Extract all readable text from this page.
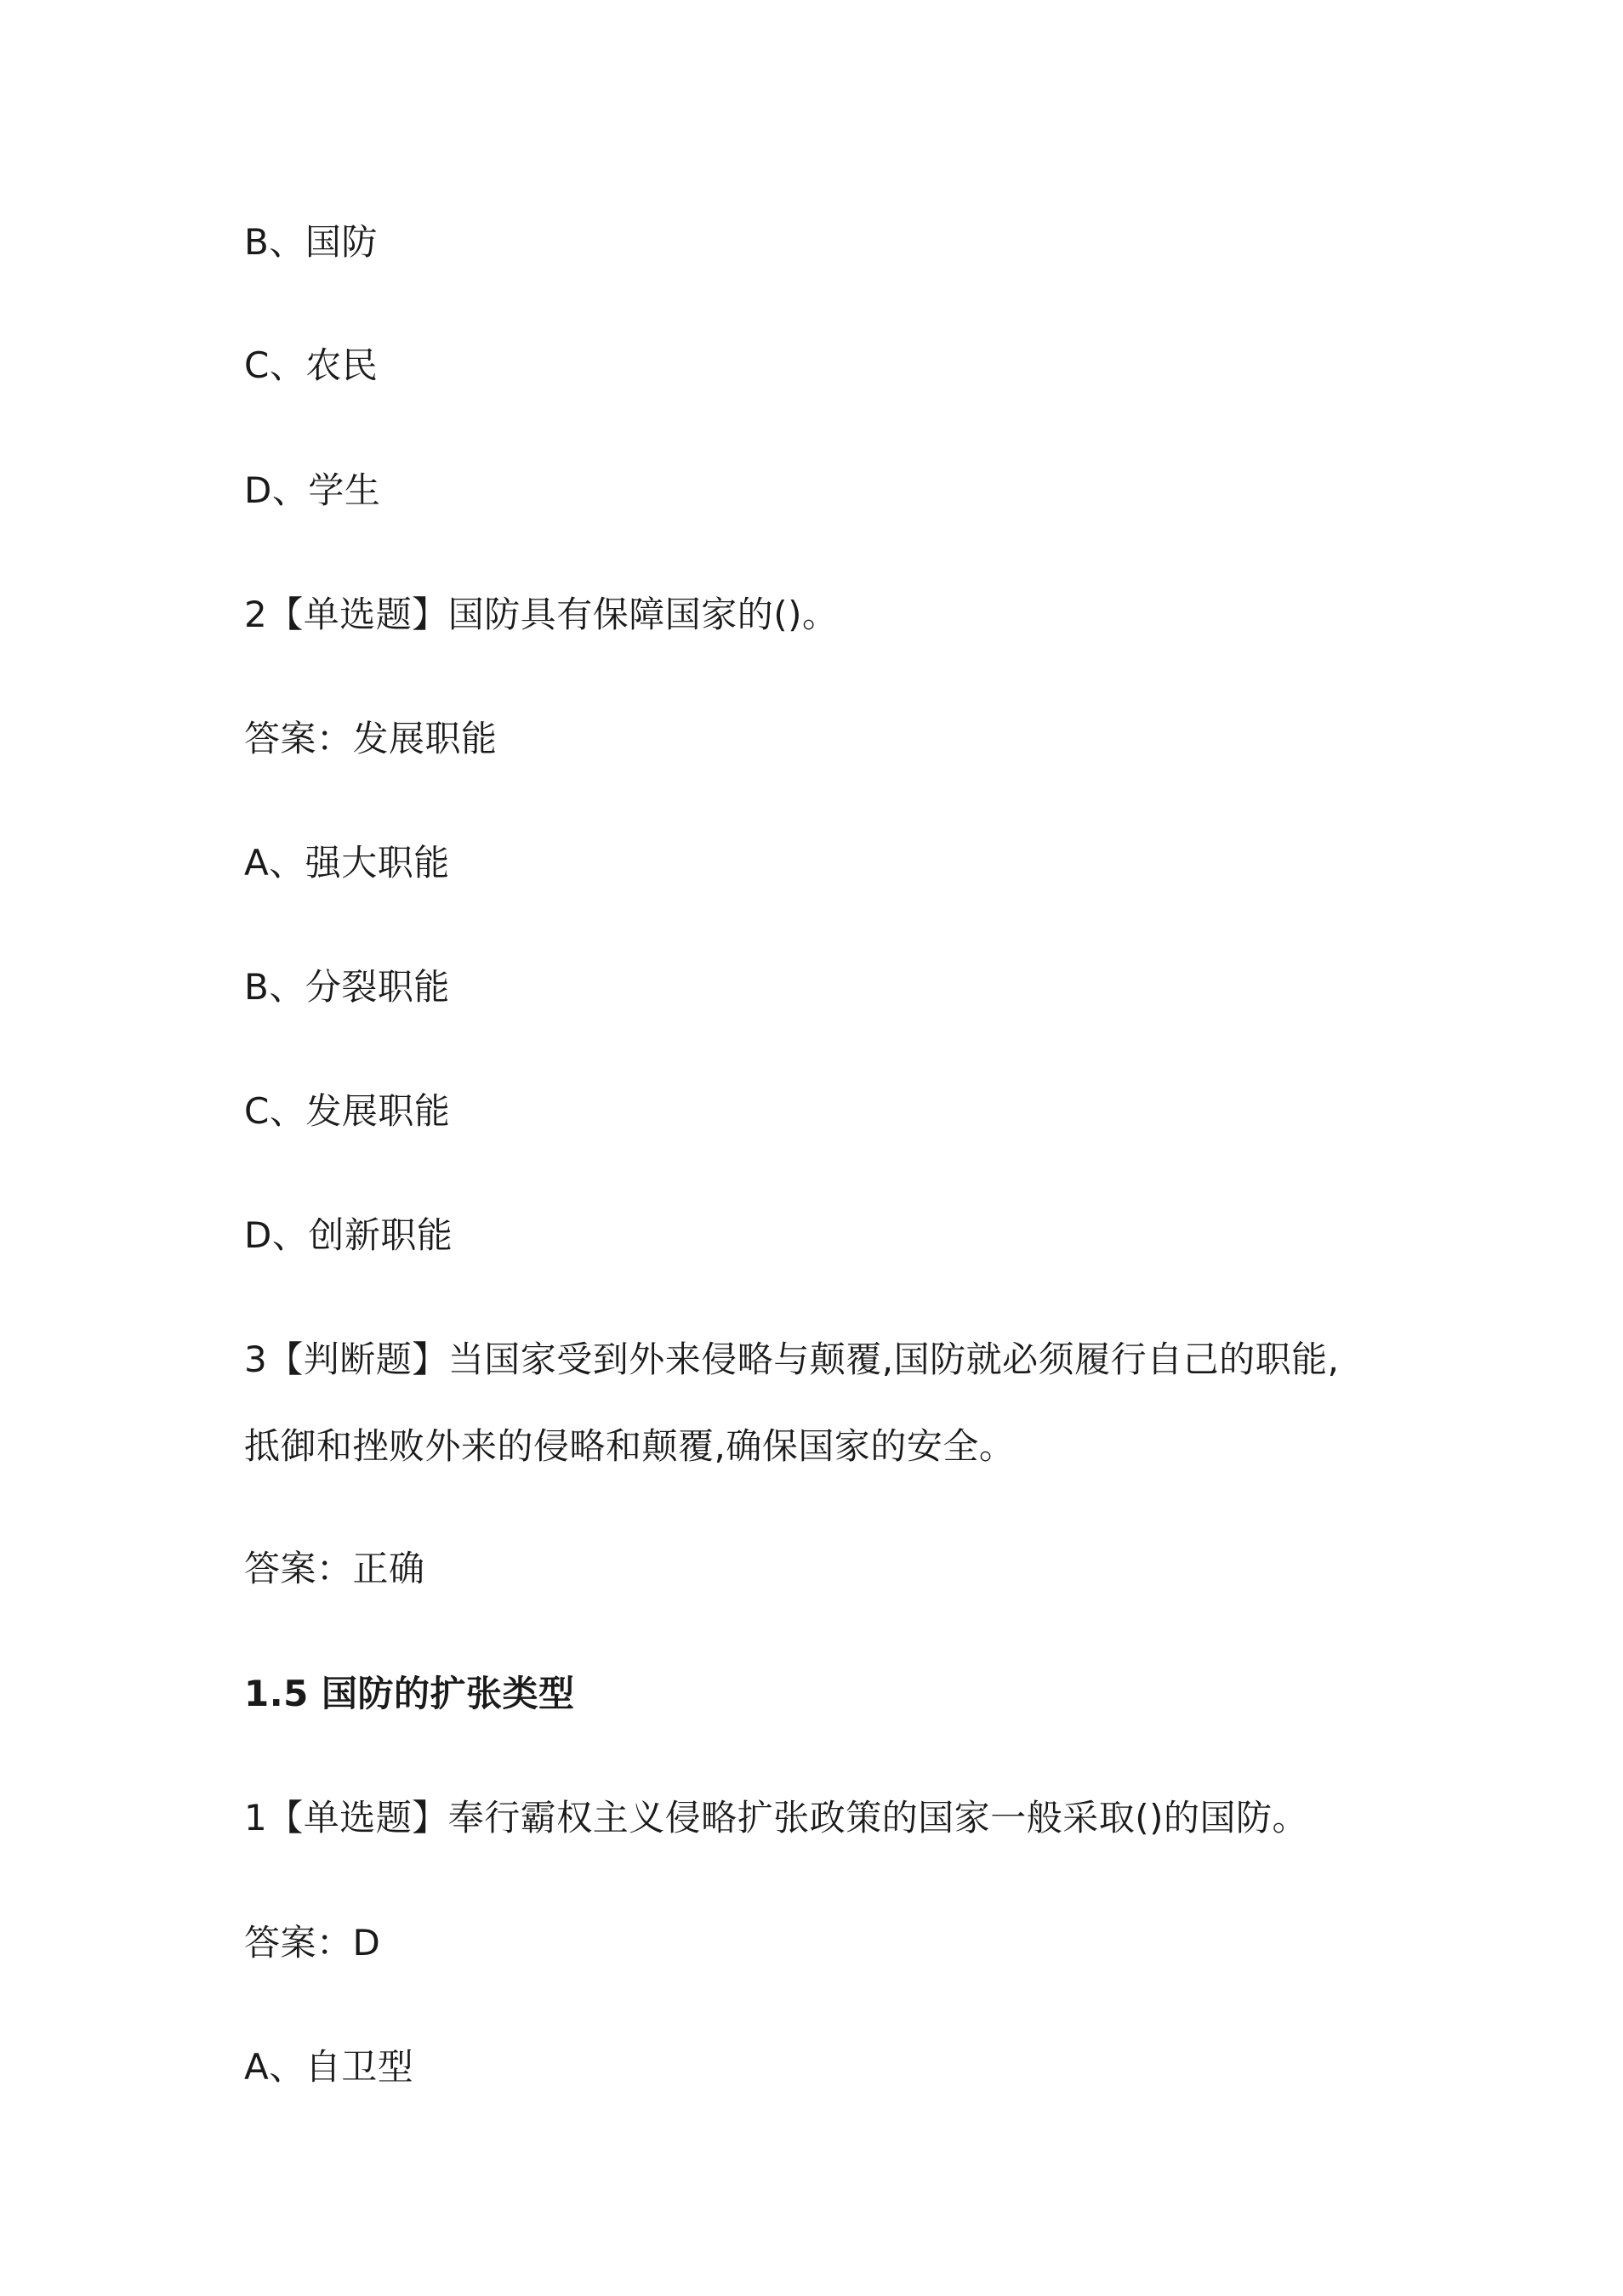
B、国防
C、农民
D、学生
2【单选题】国防具有保障国家的()。
答案：发展职能
A、强大职能
B、分裂职能
C、发展职能
D、创新职能
3【判断题】当国家受到外来侵略与颠覆,国防就必须履行自己的职能,
抵御和挫败外来的侵略和颠覆,确保国家的安全。
答案：正确
1.5 国防的扩张类型
1【单选题】奉行霸权主义侵略扩张政策的国家一般采取()的国防。
答案：D
A、自卫型
